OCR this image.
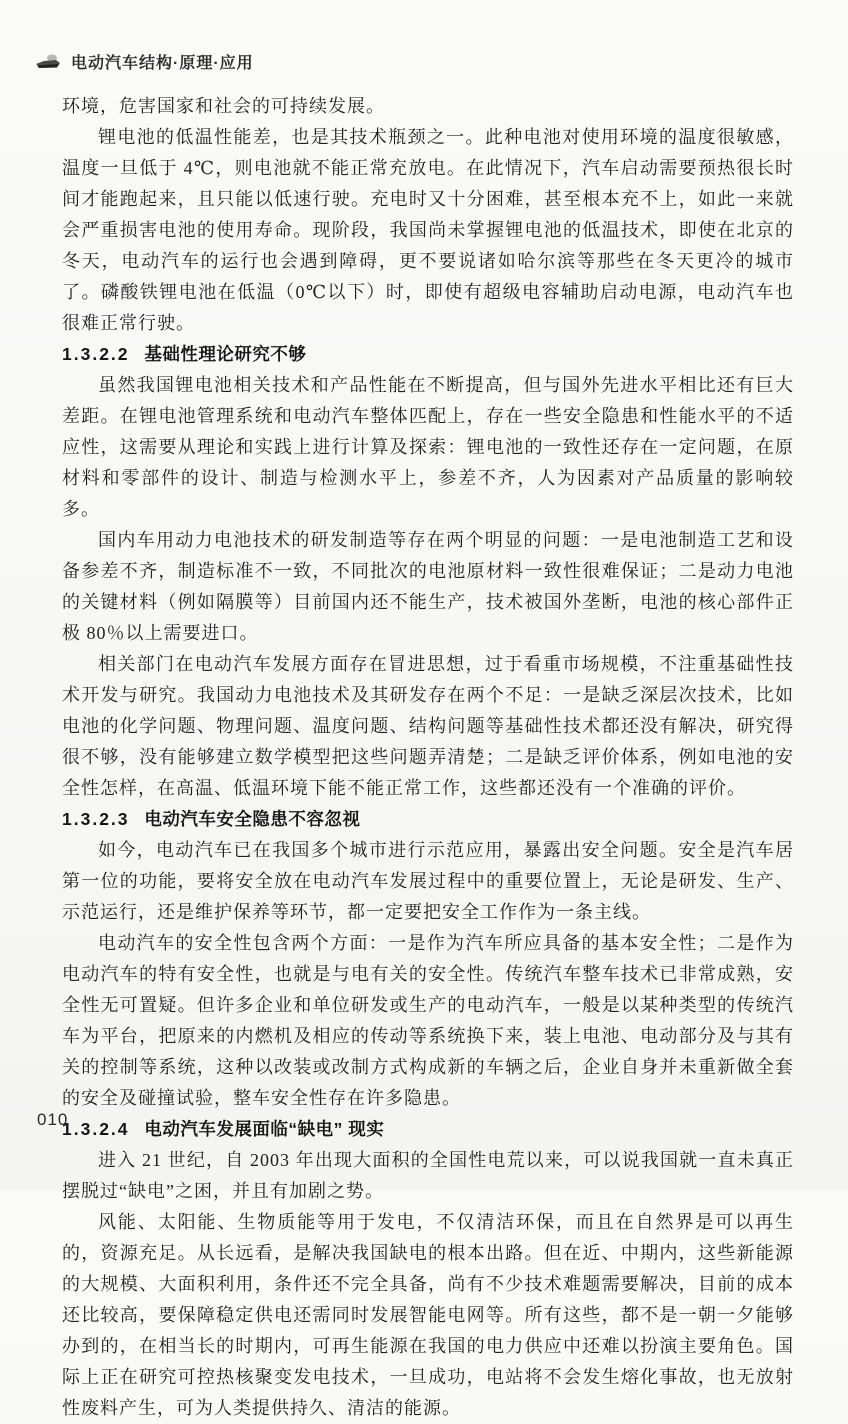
电动汽车结构·原理·应用

环境，危害国家和社会的可持续发展。

锂电池的低温性能差，也是其技术瓶颈之一。此种电池对使用环境的温度很敏感，温度一旦低于 4℃，则电池就不能正常充放电。在此情况下，汽车启动需要预热很长时间才能跑起来，且只能以低速行驶。充电时又十分困难，甚至根本充不上，如此一来就会严重损害电池的使用寿命。现阶段，我国尚未掌握锂电池的低温技术，即使在北京的冬天，电动汽车的运行也会遇到障碍，更不要说诸如哈尔滨等那些在冬天更冷的城市了。磷酸铁锂电池在低温（0℃以下）时，即使有超级电容辅助启动电源，电动汽车也很难正常行驶。

1.3.2.2 基础性理论研究不够

虽然我国锂电池相关技术和产品性能在不断提高，但与国外先进水平相比还有巨大差距。在锂电池管理系统和电动汽车整体匹配上，存在一些安全隐患和性能水平的不适应性，这需要从理论和实践上进行计算及探索：锂电池的一致性还存在一定问题，在原材料和零部件的设计、制造与检测水平上，参差不齐，人为因素对产品质量的影响较多。

国内车用动力电池技术的研发制造等存在两个明显的问题：一是电池制造工艺和设备参差不齐，制造标准不一致，不同批次的电池原材料一致性很难保证；二是动力电池的关键材料（例如隔膜等）目前国内还不能生产，技术被国外垄断，电池的核心部件正极 80％以上需要进口。

相关部门在电动汽车发展方面存在冒进思想，过于看重市场规模，不注重基础性技术开发与研究。我国动力电池技术及其研发存在两个不足：一是缺乏深层次技术，比如电池的化学问题、物理问题、温度问题、结构问题等基础性技术都还没有解决，研究得很不够，没有能够建立数学模型把这些问题弄清楚；二是缺乏评价体系，例如电池的安全性怎样，在高温、低温环境下能不能正常工作，这些都还没有一个准确的评价。

1.3.2.3 电动汽车安全隐患不容忽视

如今，电动汽车已在我国多个城市进行示范应用，暴露出安全问题。安全是汽车居第一位的功能，要将安全放在电动汽车发展过程中的重要位置上，无论是研发、生产、示范运行，还是维护保养等环节，都一定要把安全工作作为一条主线。

电动汽车的安全性包含两个方面：一是作为汽车所应具备的基本安全性；二是作为电动汽车的特有安全性，也就是与电有关的安全性。传统汽车整车技术已非常成熟，安全性无可置疑。但许多企业和单位研发或生产的电动汽车，一般是以某种类型的传统汽车为平台，把原来的内燃机及相应的传动等系统换下来，装上电池、电动部分及与其有关的控制等系统，这种以改装或改制方式构成新的车辆之后，企业自身并未重新做全套的安全及碰撞试验，整车安全性存在许多隐患。

1.3.2.4 电动汽车发展面临“缺电” 现实

进入 21 世纪，自 2003 年出现大面积的全国性电荒以来，可以说我国就一直未真正摆脱过“缺电”之困，并且有加剧之势。

风能、太阳能、生物质能等用于发电，不仅清洁环保，而且在自然界是可以再生的，资源充足。从长远看，是解决我国缺电的根本出路。但在近、中期内，这些新能源的大规模、大面积利用，条件还不完全具备，尚有不少技术难题需要解决，目前的成本还比较高，要保障稳定供电还需同时发展智能电网等。所有这些，都不是一朝一夕能够办到的，在相当长的时期内，可再生能源在我国的电力供应中还难以扮演主要角色。国际上正在研究可控热核聚变发电技术，一旦成功，电站将不会发生熔化事故，也无放射性废料产生，可为人类提供持久、清洁的能源。

010
